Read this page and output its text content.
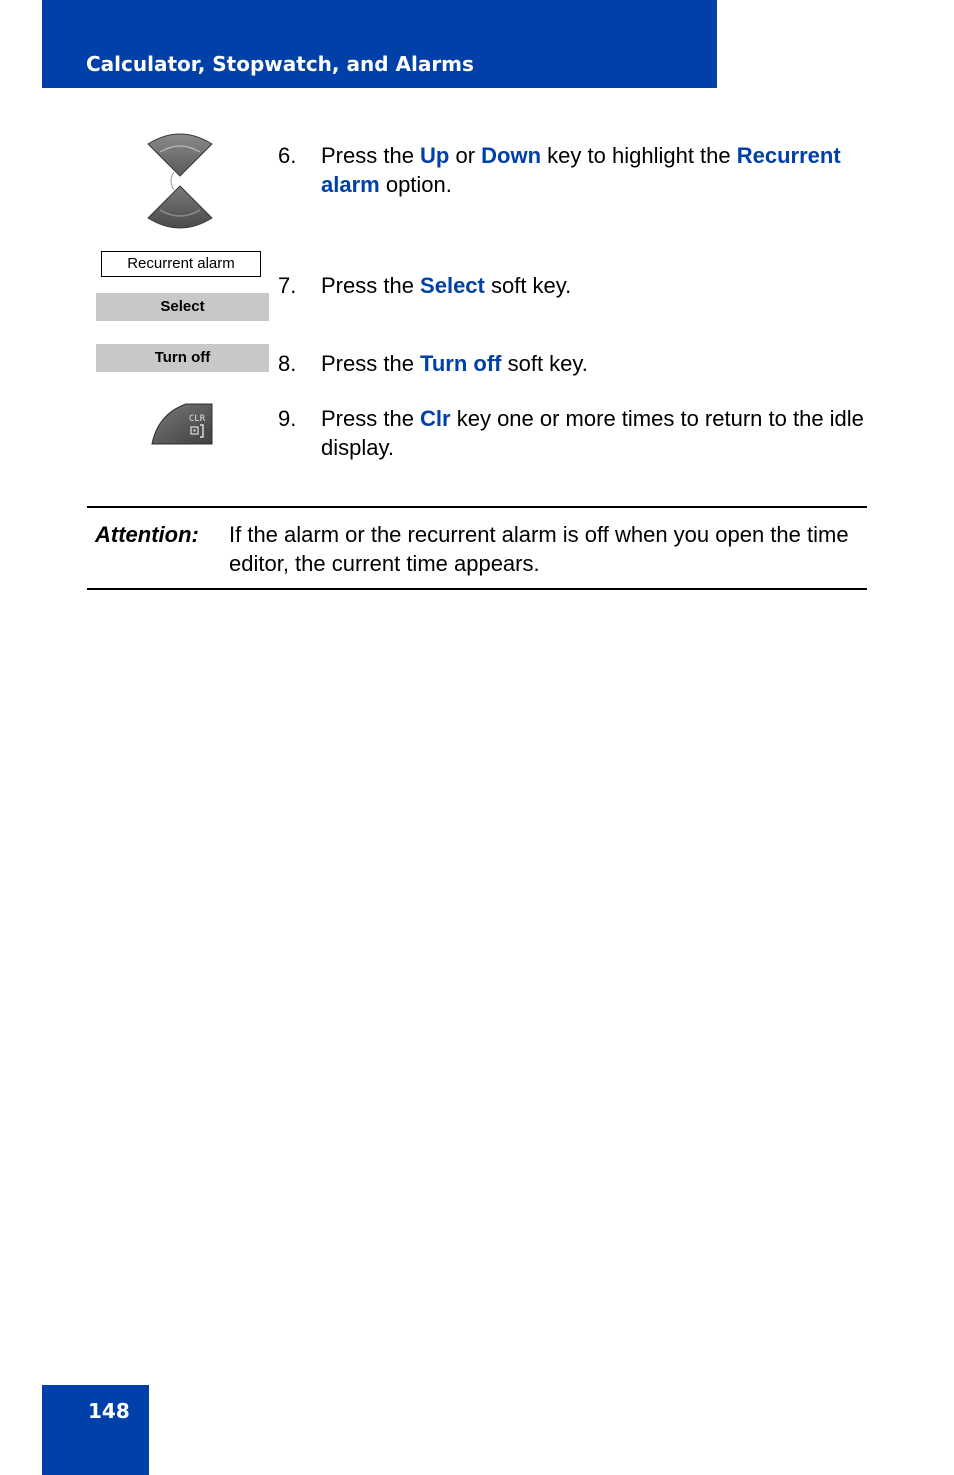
Calculator, Stopwatch, and Alarms
Recurrent alarm
Select
Turn off
CLR
6. Press the Up or Down key to highlight the Recurrent alarm option.
7. Press the Select soft key.
8. Press the Turn off soft key.
9. Press the Clr key one or more times to return to the idle display.
Attention: If the alarm or the recurrent alarm is off when you open the time editor, the current time appears.
148
